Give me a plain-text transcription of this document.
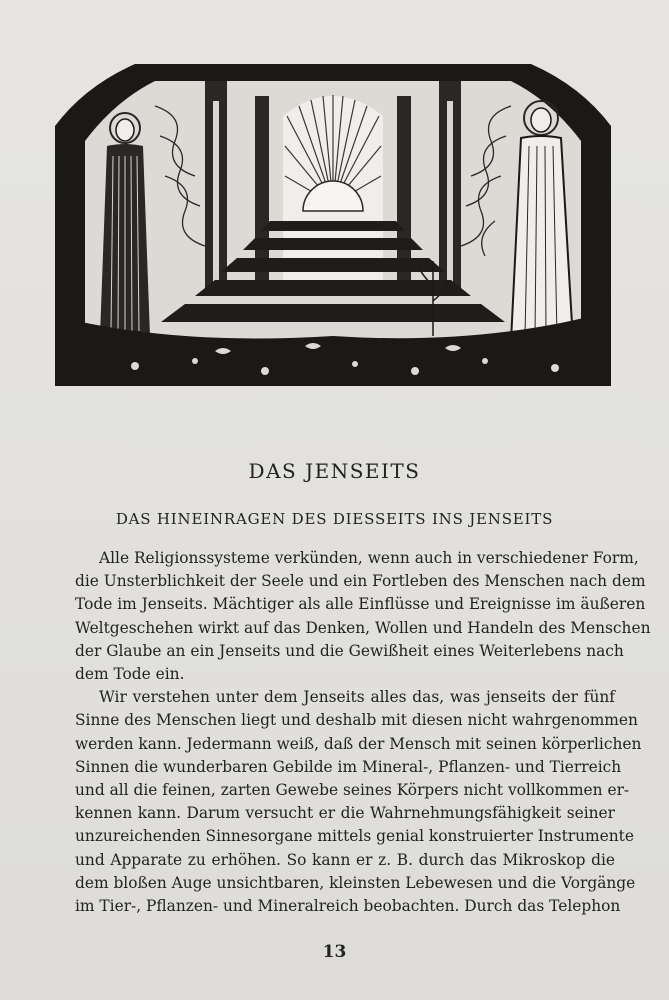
DAS JENSEITS
DAS HINEINRAGEN DES DIESSEITS INS JENSEITS
Alle Religionssysteme verkünden, wenn auch in verschiedener Form,
die Unsterblichkeit der Seele und ein Fortleben des Menschen nach dem
Tode im Jenseits. Mächtiger als alle Einflüsse und Ereignisse im äußeren
Weltgeschehen wirkt auf das Denken, Wollen und Handeln des Menschen
der Glaube an ein Jenseits und die Gewißheit eines Weiterlebens nach
dem Tode ein.
Wir verstehen unter dem Jenseits alles das, was jenseits der fünf
Sinne des Menschen liegt und deshalb mit diesen nicht wahrgenommen
werden kann. Jedermann weiß, daß der Mensch mit seinen körperlichen
Sinnen die wunderbaren Gebilde im Mineral-, Pflanzen- und Tierreich
und all die feinen, zarten Gewebe seines Körpers nicht vollkommen er-
kennen kann. Darum versucht er die Wahrnehmungsfähigkeit seiner
unzureichenden Sinnesorgane mittels genial konstruierter Instrumente
und Apparate zu erhöhen. So kann er z. B. durch das Mikroskop die
dem bloßen Auge unsichtbaren, kleinsten Lebewesen und die Vorgänge
im Tier-, Pflanzen- und Mineralreich beobachten. Durch das Telephon
13
